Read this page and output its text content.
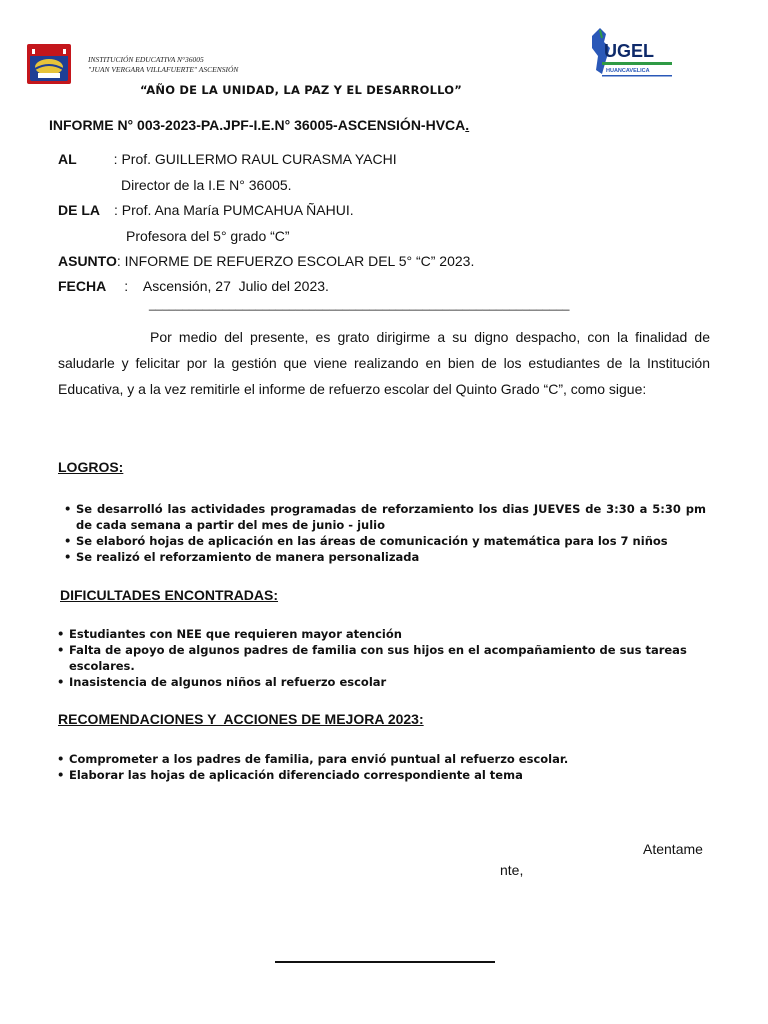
INSTITUCIÓN EDUCATIVA N°36005
"JUAN VERGARA VILLAFUERTE" ASCENSIÓN
UGEL
HUANCAVELICA
“AÑO DE LA UNIDAD, LA PAZ Y EL DESARROLLO”
INFORME N° 003-2023-PA.JPF-I.E.N° 36005-ASCENSIÓN-HVCA.
AL	: Prof. GUILLERMO RAUL CURASMA YACHI
Director de la I.E N° 36005.
DE LA : Prof. Ana María PUMCAHUA ÑAHUI.
Profesora del 5° grado “C”
ASUNTO: INFORME DE REFUERZO ESCOLAR DEL 5° “C” 2023.
FECHA :    Ascensión, 27  Julio del 2023.
_______________________________________________________________
Por medio del presente, es grato dirigirme a su digno despacho, con la finalidad de saludarle y felicitar por la gestión que viene realizando en bien de los estudiantes de la Institución Educativa, y a la vez remitirle el informe de refuerzo escolar del Quinto Grado “C”, como sigue:
LOGROS:
• Se desarrolló las actividades programadas de reforzamiento los dias JUEVES de 3:30 a 5:30 pm de cada semana a partir del mes de junio - julio
• Se elaboró hojas de aplicación en las áreas de comunicación y matemática para los 7 niños
• Se realizó el reforzamiento de manera personalizada
DIFICULTADES ENCONTRADAS:
• Estudiantes con NEE que requieren mayor atención
• Falta de apoyo de algunos padres de familia con sus hijos en el acompañamiento de sus tareas escolares.
• Inasistencia de algunos niños al refuerzo escolar
RECOMENDACIONES Y  ACCIONES DE MEJORA 2023:
• Comprometer a los padres de familia, para envió puntual al refuerzo escolar.
• Elaborar las hojas de aplicación diferenciado correspondiente al tema
Atentame
nte,
